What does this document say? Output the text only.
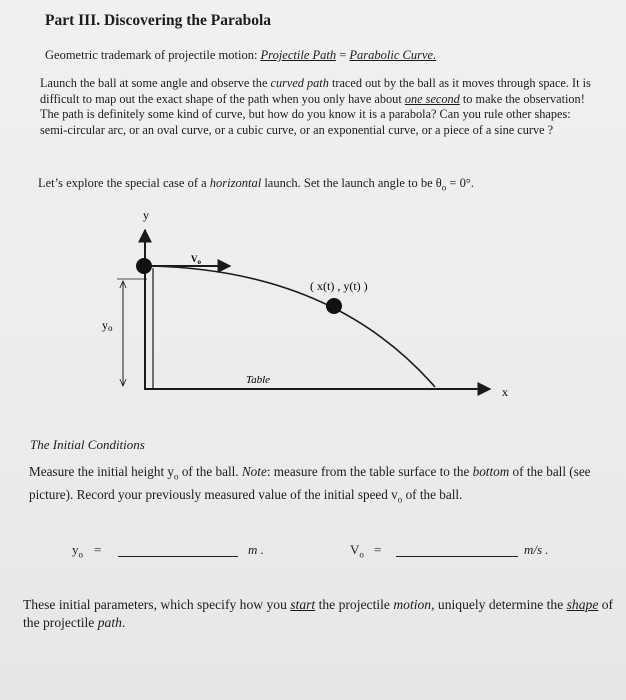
Part III. Discovering the Parabola
Geometric trademark of projectile motion: Projectile Path = Parabolic Curve.
Launch the ball at some angle and observe the curved path traced out by the ball as it moves through space. It is difficult to map out the exact shape of the path when you only have about one second to make the observation! The path is definitely some kind of curve, but how do you know it is a parabola? Can you rule other shapes: semi-circular arc, or an oval curve, or a cubic curve, or an exponential curve, or a piece of a sine curve ?
Let’s explore the special case of a horizontal launch. Set the launch angle to be $\theta_o = 0^\circ$.
y
x
$V_o$
( x(t) , y(t) )
yo
Table
The Initial Conditions
Measure the initial height $y_o$ of the ball. Note: measure from the table surface to the bottom of the ball (see picture). Record your previously measured value of the initial speed $v_o$ of the ball.
$y_o$ =	m .	$V_o$ =	m/s .
These initial parameters, which specify how you start the projectile motion, uniquely determine the shape of the projectile path.
